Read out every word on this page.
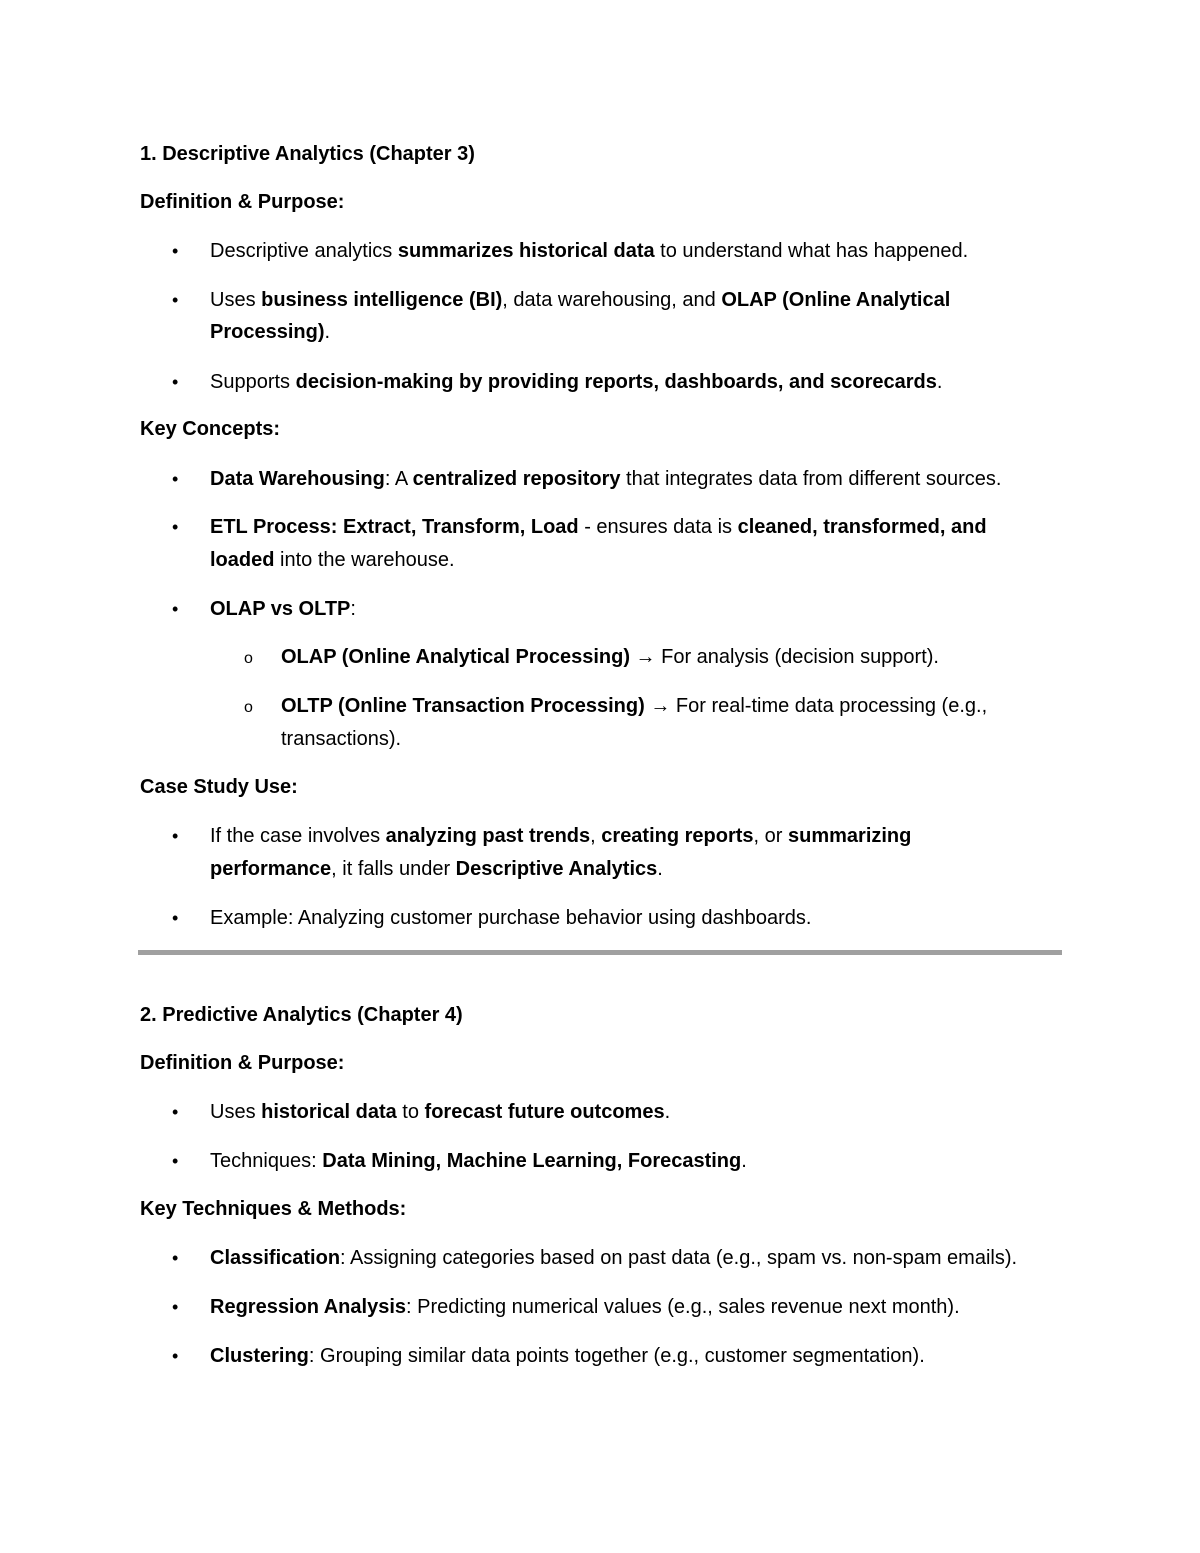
1. Descriptive Analytics (Chapter 3)

Definition & Purpose:

• Descriptive analytics summarizes historical data to understand what has happened.

• Uses business intelligence (BI), data warehousing, and OLAP (Online Analytical

Processing).

• Supports decision-making by providing reports, dashboards, and scorecards.

Key Concepts:

• Data Warehousing: A centralized repository that integrates data from different sources.

• ETL Process: Extract, Transform, Load - ensures data is cleaned, transformed, and

loaded into the warehouse.

• OLAP vs OLTP:

o OLAP (Online Analytical Processing) → For analysis (decision support).

o OLTP (Online Transaction Processing) → For real-time data processing (e.g.,

transactions).

Case Study Use:

• If the case involves analyzing past trends, creating reports, or summarizing

performance, it falls under Descriptive Analytics.

• Example: Analyzing customer purchase behavior using dashboards.

2. Predictive Analytics (Chapter 4)

Definition & Purpose:

• Uses historical data to forecast future outcomes.

• Techniques: Data Mining, Machine Learning, Forecasting.

Key Techniques & Methods:

• Classification: Assigning categories based on past data (e.g., spam vs. non-spam emails).

• Regression Analysis: Predicting numerical values (e.g., sales revenue next month).

• Clustering: Grouping similar data points together (e.g., customer segmentation).
